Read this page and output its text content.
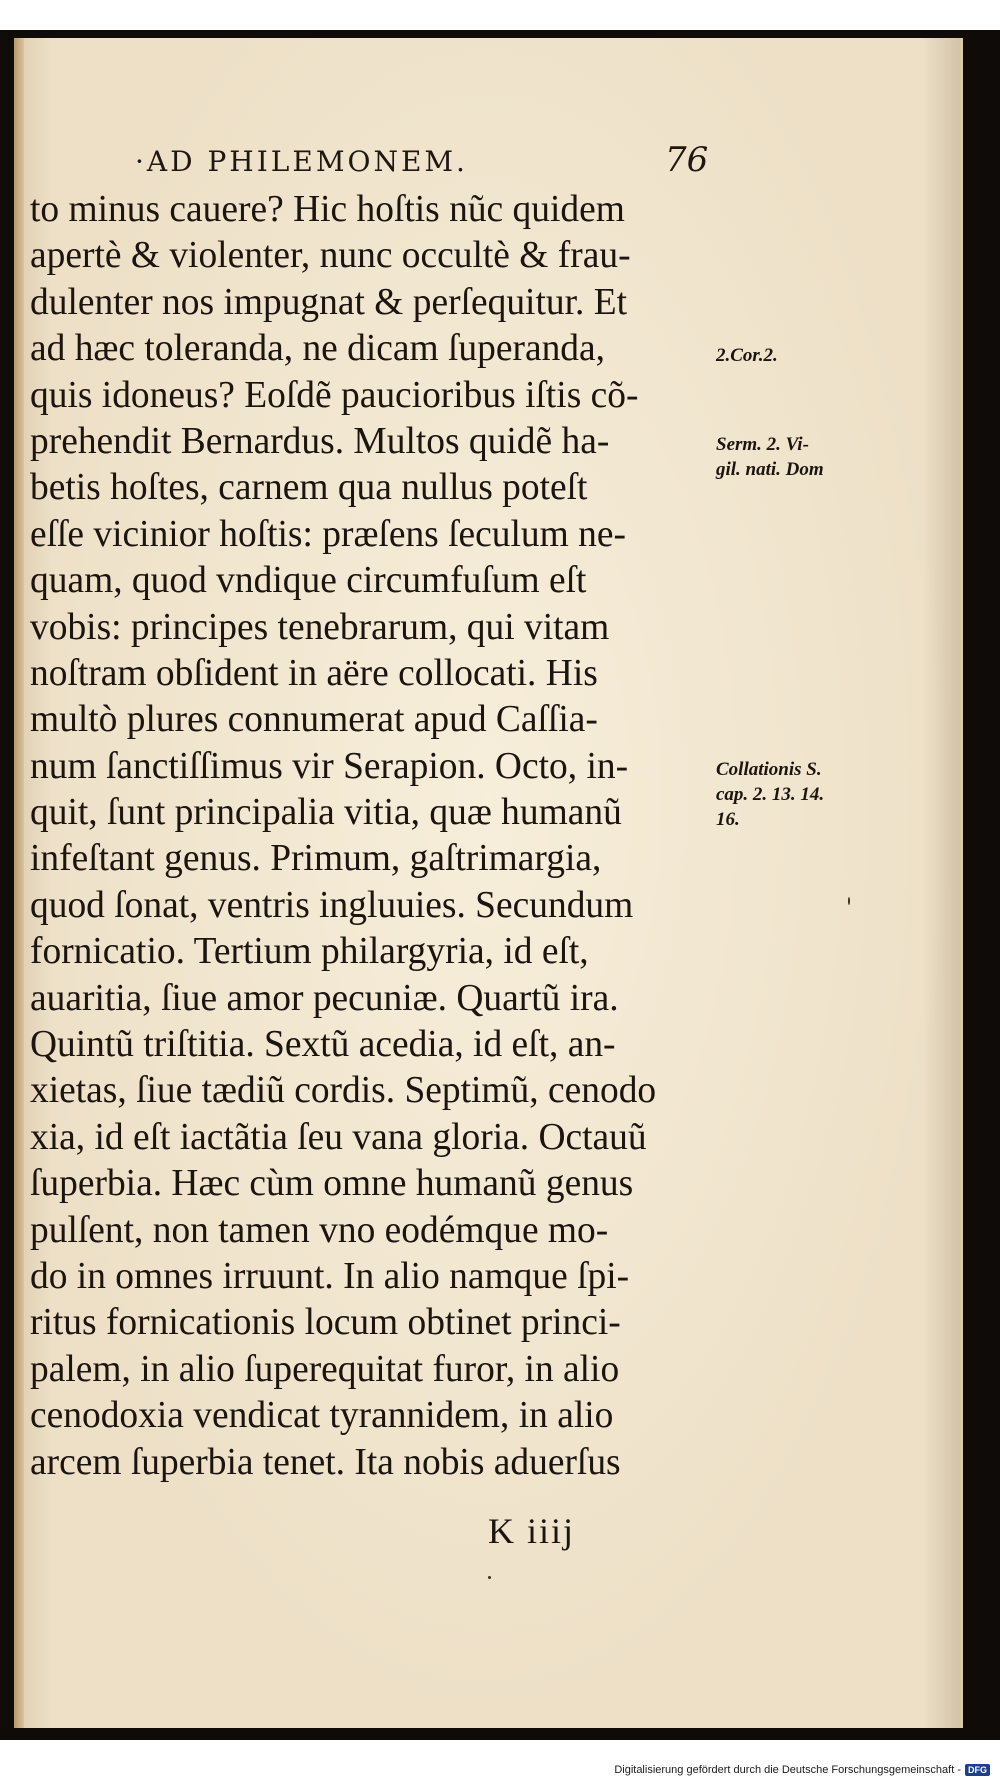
·AD PHILEMONEM.	76
to minus cauere? Hic hoſtis nũc quidem
apertè & violenter, nunc occultè & frau-
dulenter nos impugnat & perſequitur. Et
ad hæc toleranda, ne dicam ſuperanda,
quis idoneus? Eoſdẽ paucioribus iſtis cõ-
prehendit Bernardus. Multos quidẽ ha-
betis hoſtes, carnem qua nullus poteſt
eſſe vicinior hoſtis: præſens ſeculum ne-
quam, quod vndique circumfuſum eſt
vobis: principes tenebrarum, qui vitam
noſtram obſident in aëre collocati. His
multò plures connumerat apud Caſſia-
num ſanctiſſimus vir Serapion. Octo, in-
quit, ſunt principalia vitia, quæ humanũ
infeſtant genus. Primum, gaſtrimargia,
quod ſonat, ventris ingluuies. Secundum
fornicatio. Tertium philargyria, id eſt,
auaritia, ſiue amor pecuniæ. Quartũ ira.
Quintũ triſtitia. Sextũ acedia, id eſt, an-
xietas, ſiue tædiũ cordis. Septimũ, cenodo
xia, id eſt iactãtia ſeu vana gloria. Octauũ
ſuperbia. Hæc cùm omne humanũ genus
pulſent, non tamen vno eodémque mo-
do in omnes irruunt. In alio namque ſpi-
ritus fornicationis locum obtinet princi-
palem, in alio ſuperequitat furor, in alio
cenodoxia vendicat tyrannidem, in alio
arcem ſuperbia tenet. Ita nobis aduerſus
2.Cor.2.
Serm. 2. Vi-
gil. nati. Dom
Collationis S.
cap. 2. 13. 14.
16.
K iiij
Digitalisierung gefördert durch die Deutsche Forschungsgemeinschaft - DFG
